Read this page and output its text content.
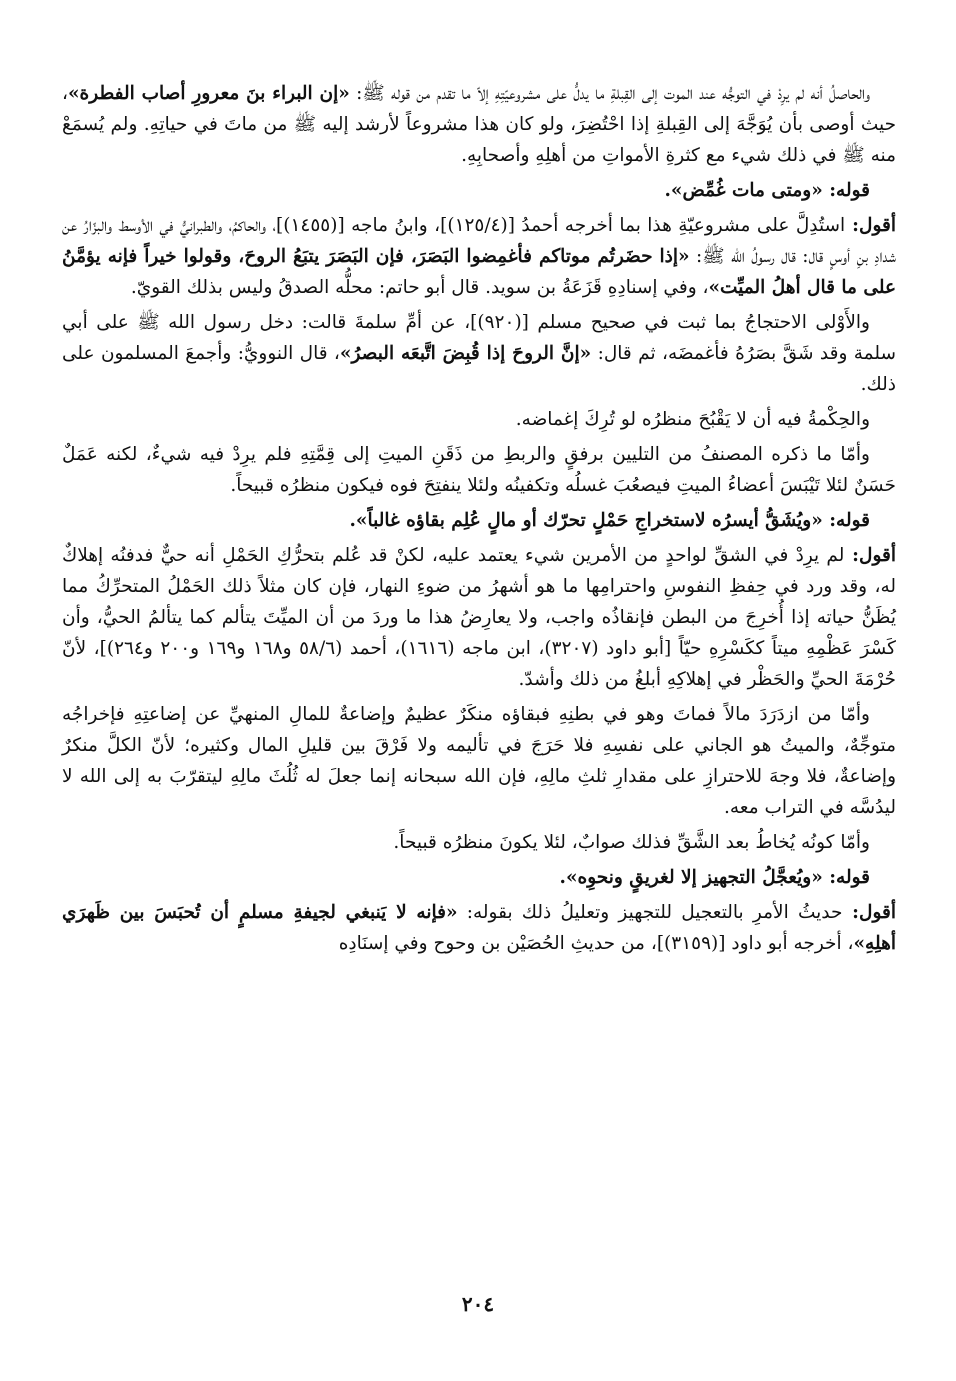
والحاصلُ أنه لم يرِدْ في التوجُّه عند الموت إلى القِبلةِ ما يدلُّ على مشروعيّتِهِ إلاّ ما تقدم من قوله ﷺ: «إن البراء بنَ معرورِ أصاب الفطرة»، حيث أوصى بأن يُوَجَّهَ إلى القِبلةِ إذا احْتُضِرَ، ولو كان هذا مشروعاً لأرشد إليه ﷺ من ماتَ في حياتِهِ. ولم يُسمَعْ منه ﷺ في ذلك شيء مع كثرةِ الأمواتِ من أهلِهِ وأصحابِهِ.

قوله: «ومتى مات غُمِّض».

أقول: استُدِلَّ على مشروعيّةِ هذا بما أخرجه أحمدُ [(١٢٥/٤)]، وابنُ ماجه [(١٤٥٥)]، والحاكمُ، والطبرانيُّ في الأوسط والبزّارُ عن شدادِ بنِ أوسٍ قال: قال رسولُ الله ﷺ: «إذا حضَرتُم موتاكم فأغمِضوا البَصَرَ، فإن البَصَرَ يتبَعُ الروحَ، وقولوا خيراً فإنه يؤمَّنُ على ما قال أهلُ الميِّت»، وفي إسنادِهِ قَزَعَةُ بن سويد. قال أبو حاتم: محلُّه الصدقُ وليس بذلك القويّ.

والأَوْلى الاحتجاجُ بما ثبت في صحيح مسلم [(٩٢٠)]، عن أمِّ سلمةَ قالت: دخل رسول الله ﷺ على أبي سلمة وقد شَقَّ بصَرُهُ فأغمضَه، ثم قال: «إنَّ الروحَ إذا قُبِضَ اتَّبعَه البصرُ»، قال النوويُّ: وأجمعَ المسلمون على ذلك.

والحِكْمةُ فيه أن لا يَقْبُحَ منظرُه لو تُرِكَ إغماضه.

وأمّا ما ذكره المصنفُ من التليين برفقٍ والربطِ من ذَقَنِ الميتِ إلى قِمَّتِهِ فلم يرِدْ فيه شيءٌ، لكنه عَمَلٌ حَسَنٌ لئلا تَيْبَسَ أعضاءُ الميتِ فيصعُبَ غسلُه وتكفينُه ولئلا ينفتِحَ فوه فيكون منظرُه قبيحاً.

قوله: «ويُشَقُّ أيسرُه لاستخراجِ حَمْلٍ تحرّك أو مالٍ عُلِم بقاؤه غالباً».

أقول: لم يرِدْ في الشقِّ لواحدٍ من الأمرين شيء يعتمد عليه، لكنْ قد عُلم بتحرُّكِ الحَمْلِ أنه حيٌّ فدفنُه إهلاكٌ له، وقد ورد في حِفظِ النفوسِ واحترامِها ما هو أشهرُ من ضوءِ النهار، فإن كان مثلاً ذلك الحَمْلُ المتحرِّكُ مما يُظَنُّ حياته إذا أُخرِجَ من البطن فإنقاذُه واجب، ولا يعارِضُ هذا ما وردَ من أن الميِّتَ يتألم كما يتألمُ الحيُّ، وأن كَسْرَ عَظْمِهِ ميتاً ككَسْرِهِ حيّاً [أبو داود (٣٢٠٧)، ابن ماجه (١٦١٦)، أحمد (٥٨/٦ و١٦٨ و١٦٩ و٢٠٠ و٢٦٤)]، لأنّ حُرْمَةَ الحيِّ والحَظْر في إهلاكِهِ أبلغُ من ذلك وأشدّ.

وأمّا من ازدَرَدَ مالاً فماتَ وهو في بطنِهِ فبقاؤه منكَرٌ عظيمٌ وإضاعةٌ للمالِ المنهيِّ عن إضاعتِهِ فإخراجُه متوجِّهٌ، والميتُ هو الجاني على نفسِهِ فلا حَرَجَ في تأليمه ولا فَرْقَ بين قليلِ المال وكثيره؛ لأنّ الكلَّ منكرٌ وإضاعةٌ، فلا وجهَ للاحترازِ على مقدارِ ثلثِ مالِهِ، فإن الله سبحانه إنما جعلَ له ثُلُثَ مالِهِ ليتقرّبَ به إلى الله لا ليدُسَّه في التراب معه.

وأمّا كونُه يُخاطُ بعد الشَّقِّ فذلك صوابٌ، لئلا يكونَ منظرُه قبيحاً.

قوله: «ويُعجَّلُ التجهيز إلا لغريقٍ ونحوِه».

أقول: حديثُ الأمرِ بالتعجيل للتجهيز وتعليلُ ذلك بقوله: «فإنه لا يَنبغي لجيفةِ مسلمٍ أن تُحبَسَ بين ظَهرَي أهلِهِ»، أخرجه أبو داود [(٣١٥٩)]، من حديثِ الحُصَيْن بن وحوح وفي إسنَادِه

٢٠٤
